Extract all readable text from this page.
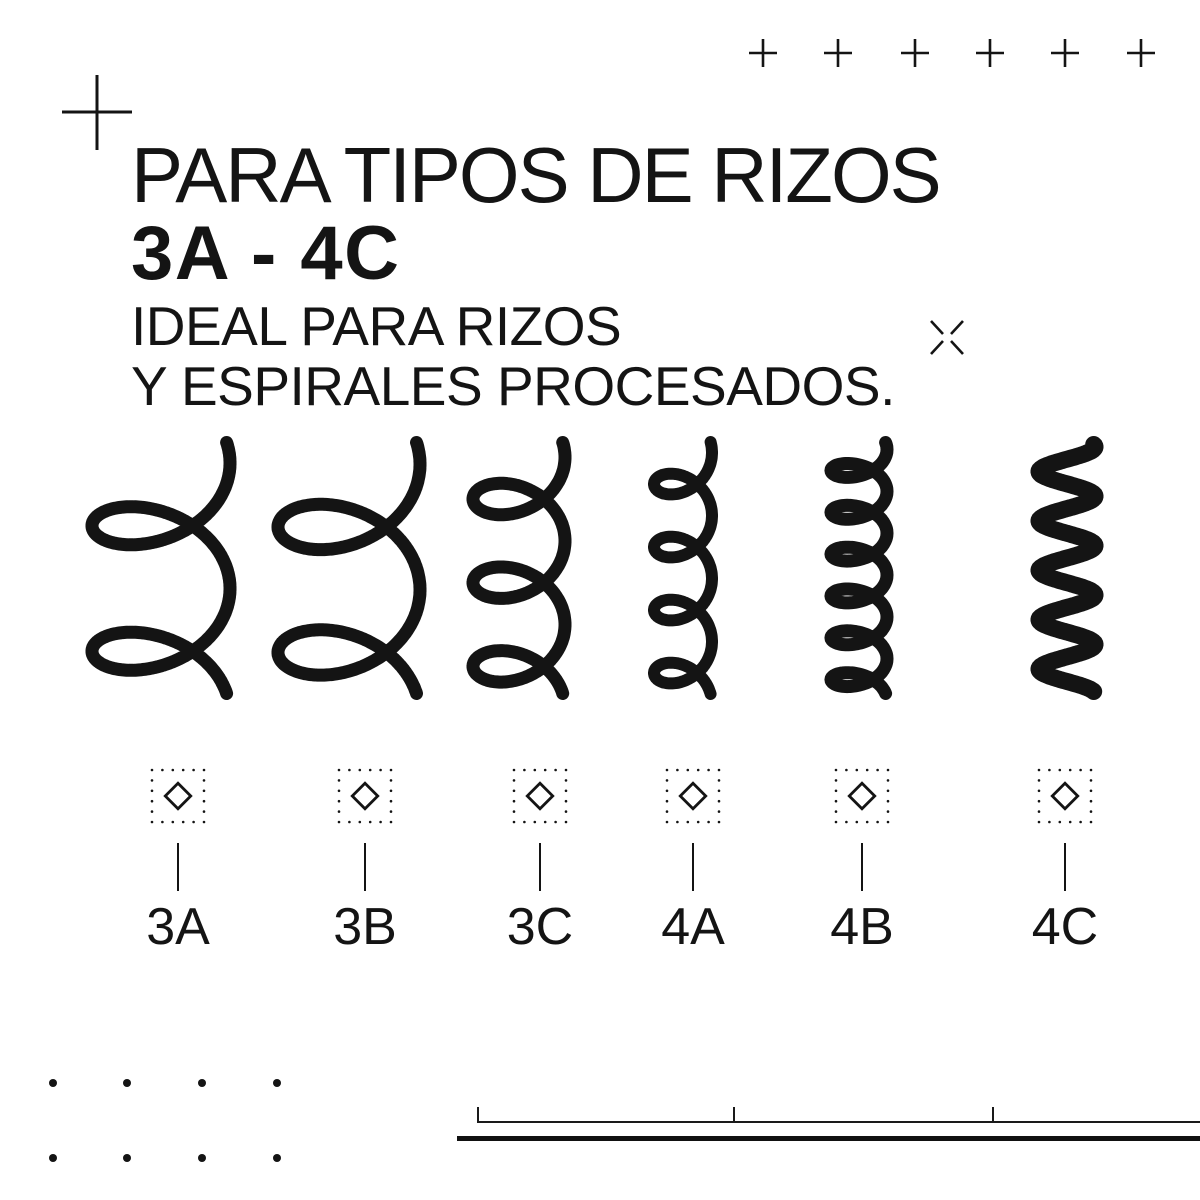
PARA TIPOS DE RIZOS
3A - 4C
IDEAL PARA RIZOS
Y ESPIRALES PROCESADOS.
3A	3B	3C	4A	4B	4C
